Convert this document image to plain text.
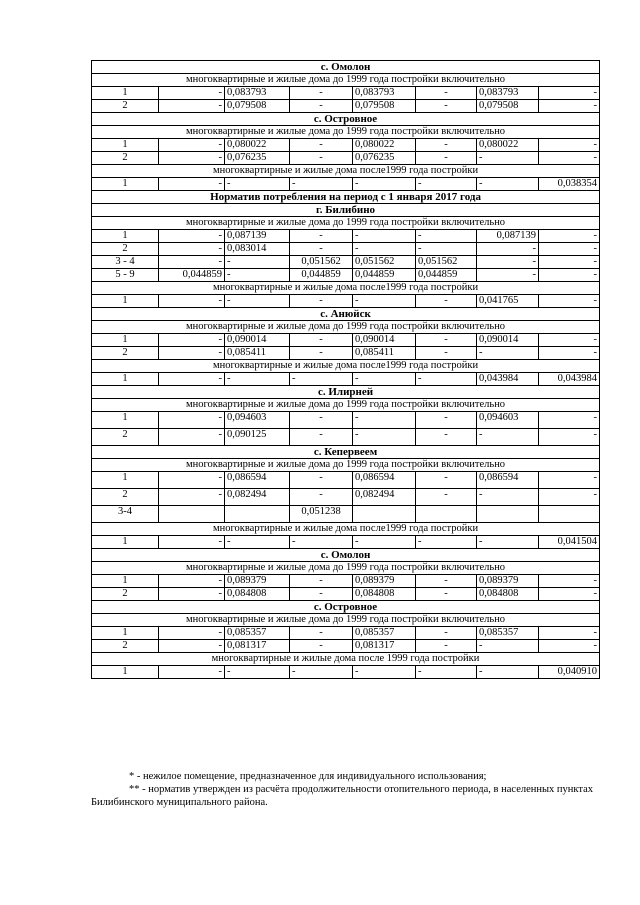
с. Омолон							
многоквартирные и жилые дома до 1999 года постройки включительно							
1	-	0,083793	-	0,083793	-	0,083793	-
2	-	0,079508	-	0,079508	-	0,079508	-
с. Островное							
многоквартирные и жилые дома до 1999 года постройки включительно							
1	-	0,080022	-	0,080022	-	0,080022	-
2	-	0,076235	-	0,076235	-	-	-
многоквартирные и жилые дома после1999 года постройки							
1	-	-	-	-	-	-	0,038354
Норматив потребления на период с 1 января 2017 года							
г. Билибино							
многоквартирные и жилые дома до 1999 года постройки включительно							
1	-	0,087139	-	-	-	0,087139	-
2	-	0,083014	-	-	-	-	-
3 - 4	-	-	0,051562	0,051562	0,051562	-	-
5 - 9	0,044859	-	0,044859	0,044859	0,044859	-	-
многоквартирные и жилые дома после1999 года постройки							
1	-	-	-	-	-	0,041765	-
с. Анюйск							
многоквартирные и жилые дома до 1999 года постройки включительно							
1	-	0,090014	-	0,090014	-	0,090014	-
2	-	0,085411	-	0,085411	-	-	-
многоквартирные и жилые дома после1999 года постройки							
1	-	-	-	-	-	0,043984	0,043984
с. Илирней							
многоквартирные и жилые дома до 1999 года постройки включительно							
1	-	0,094603	-	-	-	0,094603	-
2	-	0,090125	-	-	-	-	-
с. Кепервеем							
многоквартирные и жилые дома до 1999 года постройки включительно							
1	-	0,086594	-	0,086594	-	0,086594	-
2	-	0,082494	-	0,082494	-	-	-
3-4			0,051238				
многоквартирные и жилые дома после1999 года постройки							
1	-	-	-	-	-	-	0,041504
с. Омолон							
многоквартирные и жилые дома до 1999 года постройки включительно							
1	-	0,089379	-	0,089379	-	0,089379	-
2	-	0,084808	-	0,084808	-	0,084808	-
с. Островное							
многоквартирные и жилые дома до 1999 года постройки включительно							
1	-	0,085357	-	0,085357	-	0,085357	-
2	-	0,081317	-	0,081317	-	-	-
многоквартирные и жилые дома после 1999 года постройки							
1	-	-	-	-	-	-	0,040910

* - нежилое помещение, предназначенное для индивидуального использования;

** - норматив утвержден из расчёта продолжительности отопительного периода, в населенных пунктах Билибинского муниципального района.
